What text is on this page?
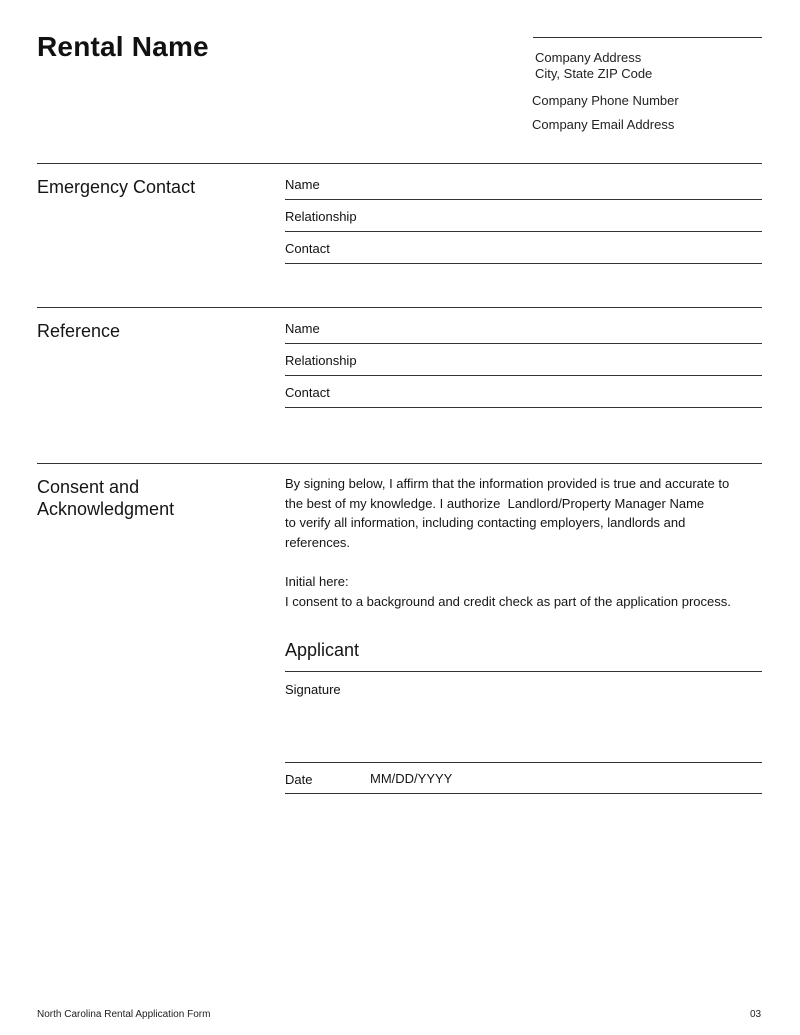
Rental Name	Company Address
City, State ZIP Code
Company Phone Number
Company Email Address
Emergency Contact	Name
Relationship
Contact
Reference	Name
Relationship
Contact
Consent and
Acknowledgment
By signing below, I affirm that the information provided is true and accurate to
the best of my knowledge. I authorize Landlord/Property Manager Name
to verify all information, including contacting employers, landlords and
references.
Initial here:
I consent to a background and credit check as part of the application process.
Applicant
Signature
Date	MM/DD/YYYY
North Carolina Rental Application Form	03
